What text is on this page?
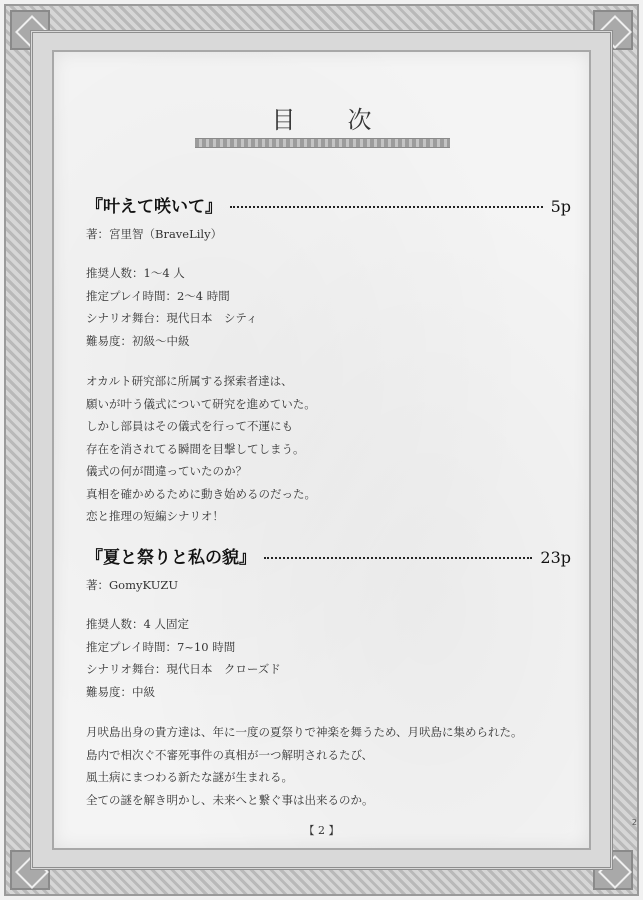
目　次
『叶えて咲いて』	5p
著：宮里智（BraveLily）
推奨人数：1～4 人
推定プレイ時間：2～4 時間
シナリオ舞台：現代日本　シティ
難易度：初級～中級
オカルト研究部に所属する探索者達は、
願いが叶う儀式について研究を進めていた。
しかし部員はその儀式を行って不運にも
存在を消されてる瞬間を目撃してしまう。
儀式の何が間違っていたのか？
真相を確かめるために動き始めるのだった。
恋と推理の短編シナリオ！
『夏と祭りと私の貌』	23p
著：GomyKUZU
推奨人数：4 人固定
推定プレイ時間：7~10 時間
シナリオ舞台：現代日本　クローズド
難易度：中級
月吠島出身の貴方達は、年に一度の夏祭りで神楽を舞うため、月吠島に集められた。
島内で相次ぐ不審死事件の真相が一つ解明されるたび、
風土病にまつわる新たな謎が生まれる。
全ての謎を解き明かし、未来へと繋ぐ事は出来るのか。
【 2 】
2
